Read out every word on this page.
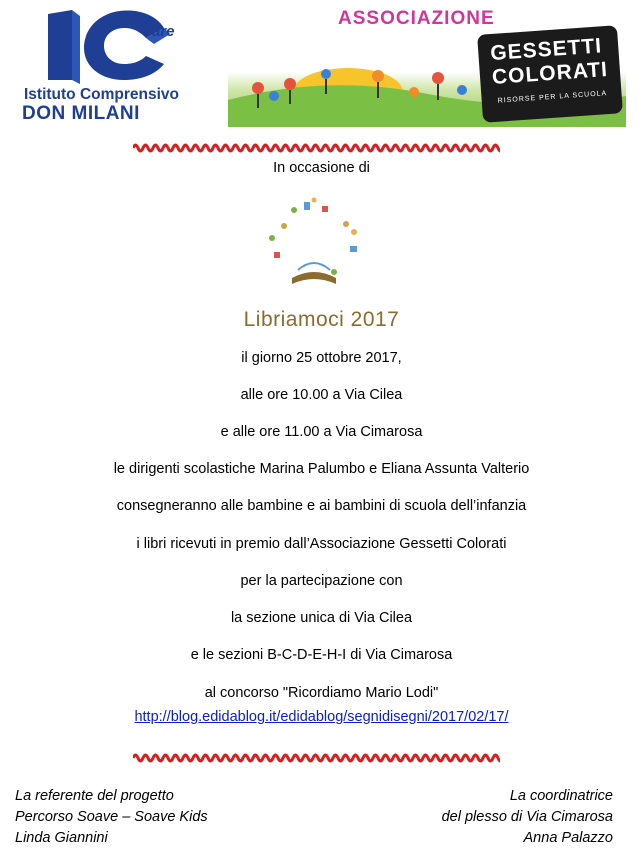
are
Istituto Comprensivo
DON MILANI
ASSOCIAZIONE
GESSETTI
COLORATI
RISORSE PER LA SCUOLA
In occasione di
Libriamoci 2017
il giorno 25 ottobre 2017,
alle ore 10.00 a Via Cilea
e alle ore 11.00 a Via Cimarosa
le dirigenti scolastiche Marina Palumbo e Eliana Assunta Valterio
consegneranno alle bambine e ai bambini di scuola dell’infanzia
i libri ricevuti in premio dall’Associazione Gessetti Colorati
per la partecipazione con
la sezione unica di Via Cilea
e le sezioni B-C-D-E-H-I di Via Cimarosa
al concorso "Ricordiamo Mario Lodi"
http://blog.edidablog.it/edidablog/segnidisegni/2017/02/17/
La referente del progetto
Percorso Soave – Soave Kids
Linda Giannini
La coordinatrice
del plesso di Via Cimarosa
Anna Palazzo
